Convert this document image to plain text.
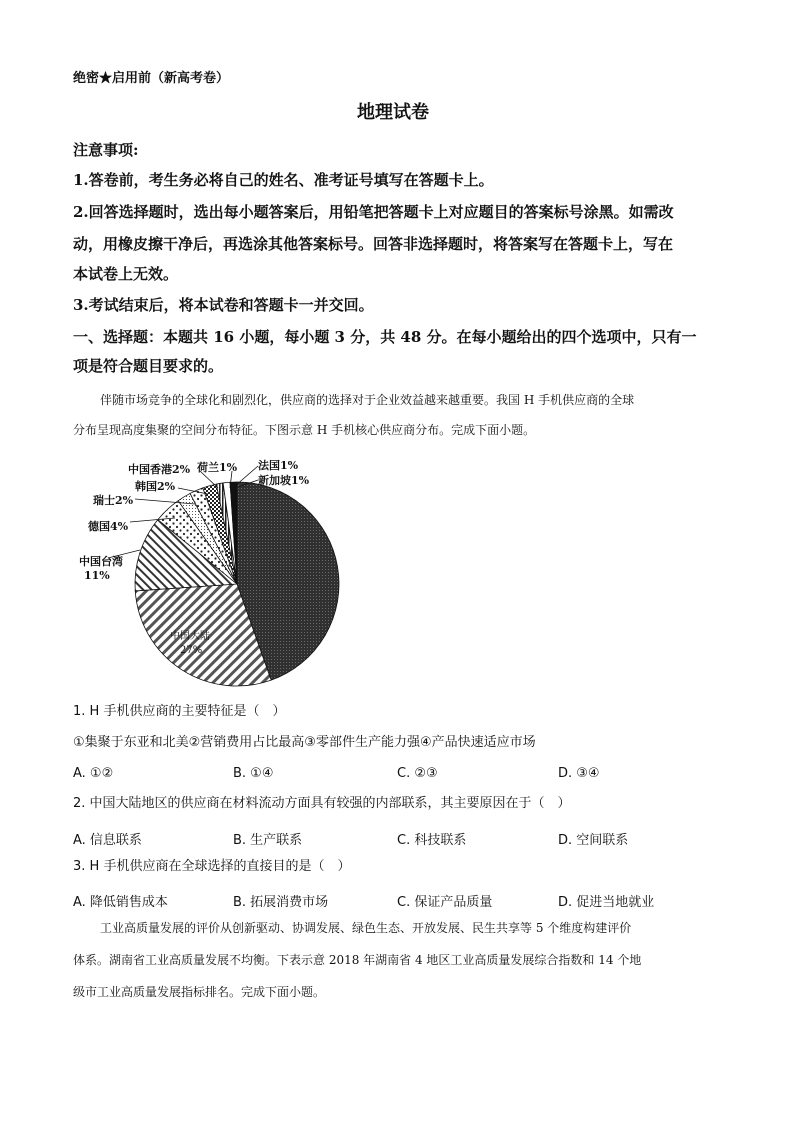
绝密★启用前（新高考卷）
地理试卷
注意事项:
1.答卷前，考生务必将自己的姓名、准考证号填写在答题卡上。
2.回答选择题时，选出每小题答案后，用铅笔把答题卡上对应题目的答案标号涂黑。如需改
动，用橡皮擦干净后，再选涂其他答案标号。回答非选择题时，将答案写在答题卡上，写在
本试卷上无效。
3.考试结束后，将本试卷和答题卡一并交回。
一、选择题：本题共 16 小题，每小题 3 分，共 48 分。在每小题给出的四个选项中，只有一
项是符合题目要求的。
伴随市场竞争的全球化和剧烈化，供应商的选择对于企业效益越来越重要。我国 H 手机供应商的全球
分布呈现高度集聚的空间分布特征。下图示意 H 手机核心供应商分布。完成下面小题。
中国香港2% 荷兰1% 法国1%
新加坡1%
韩国2%
瑞士2%
德国4%
中国台湾
11%
中国大陆
27%
1. H 手机供应商的主要特征是（　）
①集聚于东亚和北美②营销费用占比最高③零部件生产能力强④产品快速适应市场
A. ①②	B. ①④	C. ②③	D. ③④
2. 中国大陆地区的供应商在材料流动方面具有较强的内部联系，其主要原因在于（　）
A. 信息联系	B. 生产联系	C. 科技联系	D. 空间联系
3. H 手机供应商在全球选择的直接目的是（　）
A. 降低销售成本	B. 拓展消费市场	C. 保证产品质量	D. 促进当地就业
工业高质量发展的评价从创新驱动、协调发展、绿色生态、开放发展、民生共享等 5 个维度构建评价
体系。湖南省工业高质量发展不均衡。下表示意 2018 年湖南省 4 地区工业高质量发展综合指数和 14 个地
级市工业高质量发展指标排名。完成下面小题。
